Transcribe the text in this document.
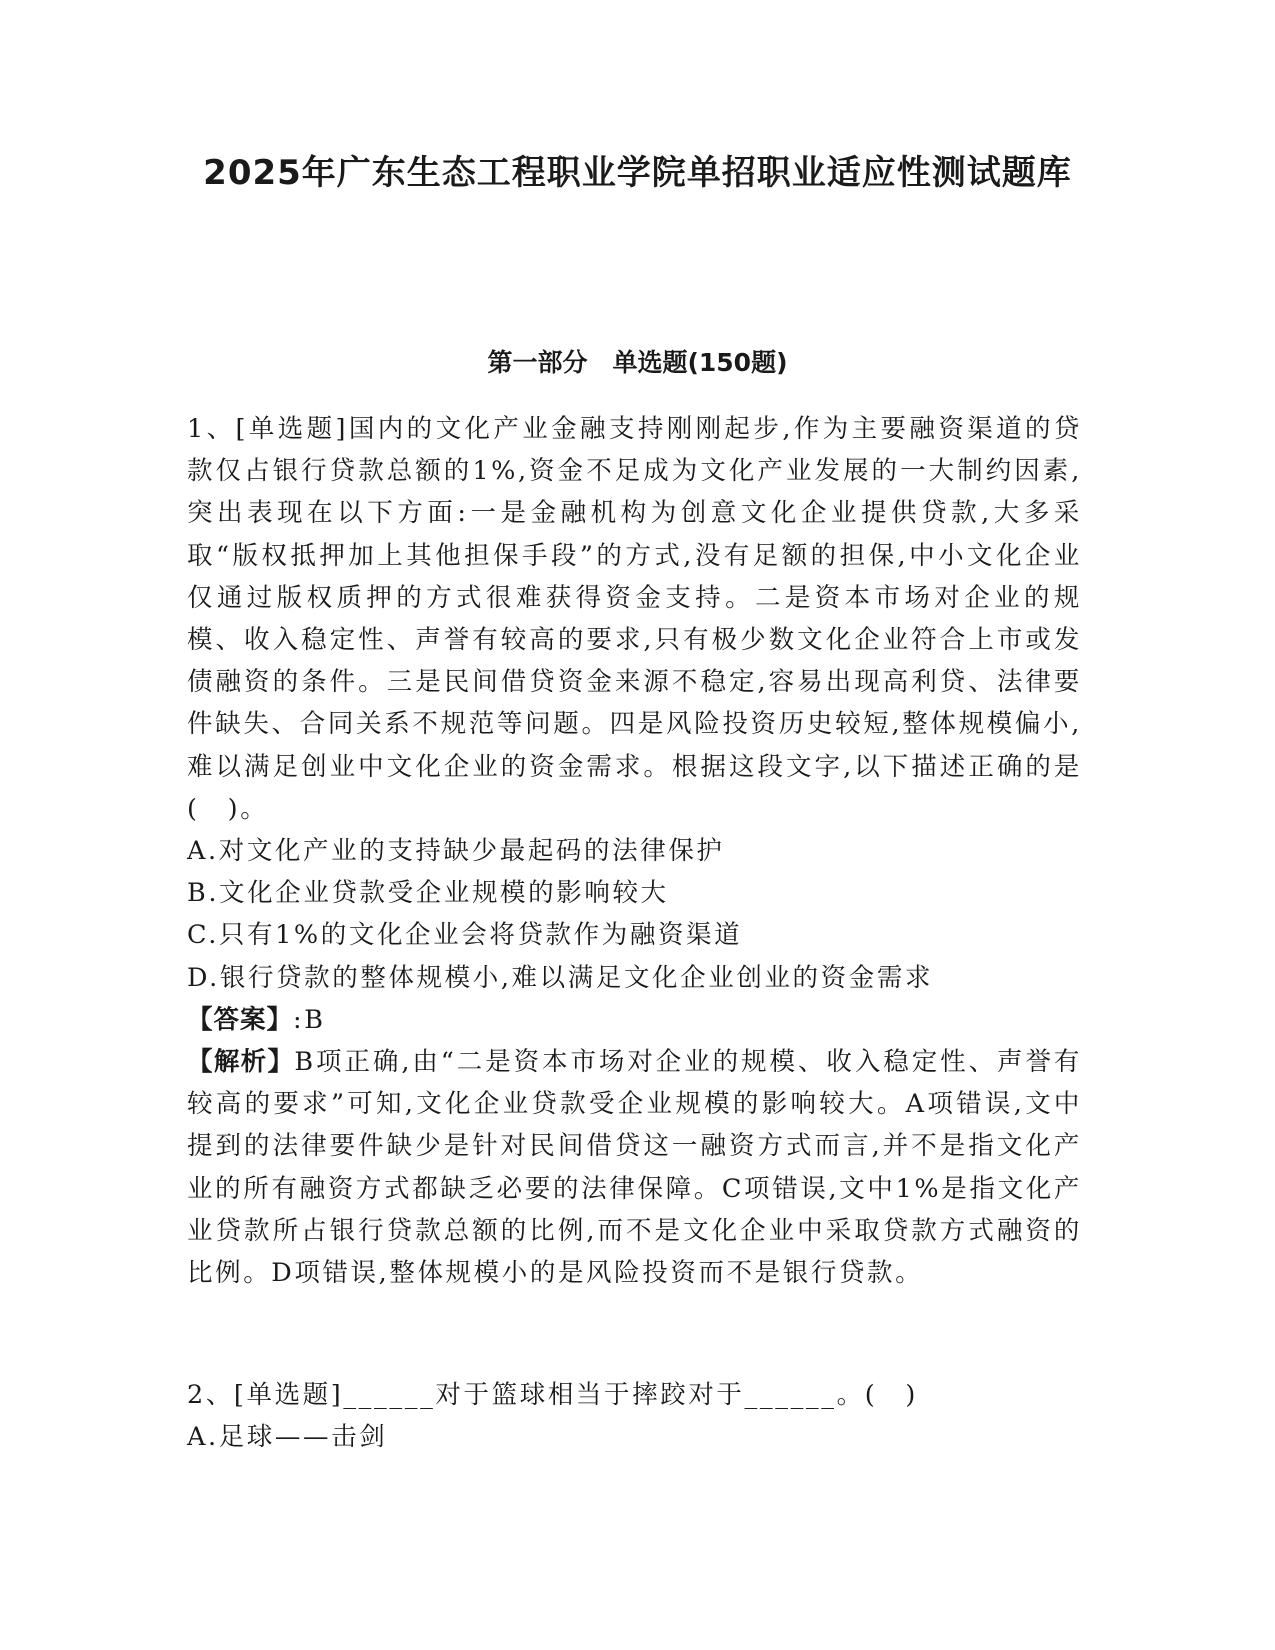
2025年广东生态工程职业学院单招职业适应性测试题库
第一部分　单选题(150题)
1、[单选题]国内的文化产业金融支持刚刚起步,作为主要融资渠道的贷款仅占银行贷款总额的1%,资金不足成为文化产业发展的一大制约因素,突出表现在以下方面:一是金融机构为创意文化企业提供贷款,大多采取“版权抵押加上其他担保手段”的方式,没有足额的担保,中小文化企业仅通过版权质押的方式很难获得资金支持。二是资本市场对企业的规模、收入稳定性、声誉有较高的要求,只有极少数文化企业符合上市或发债融资的条件。三是民间借贷资金来源不稳定,容易出现高利贷、法律要件缺失、合同关系不规范等问题。四是风险投资历史较短,整体规模偏小,难以满足创业中文化企业的资金需求。根据这段文字,以下描述正确的是(　)。
A.对文化产业的支持缺少最起码的法律保护
B.文化企业贷款受企业规模的影响较大
C.只有1%的文化企业会将贷款作为融资渠道
D.银行贷款的整体规模小,难以满足文化企业创业的资金需求
【答案】:B
【解析】B项正确,由“二是资本市场对企业的规模、收入稳定性、声誉有较高的要求”可知,文化企业贷款受企业规模的影响较大。A项错误,文中提到的法律要件缺少是针对民间借贷这一融资方式而言,并不是指文化产业的所有融资方式都缺乏必要的法律保障。C项错误,文中1%是指文化产业贷款所占银行贷款总额的比例,而不是文化企业中采取贷款方式融资的比例。D项错误,整体规模小的是风险投资而不是银行贷款。
2、[单选题]______对于篮球相当于摔跤对于______。(　)
A.足球——击剑
